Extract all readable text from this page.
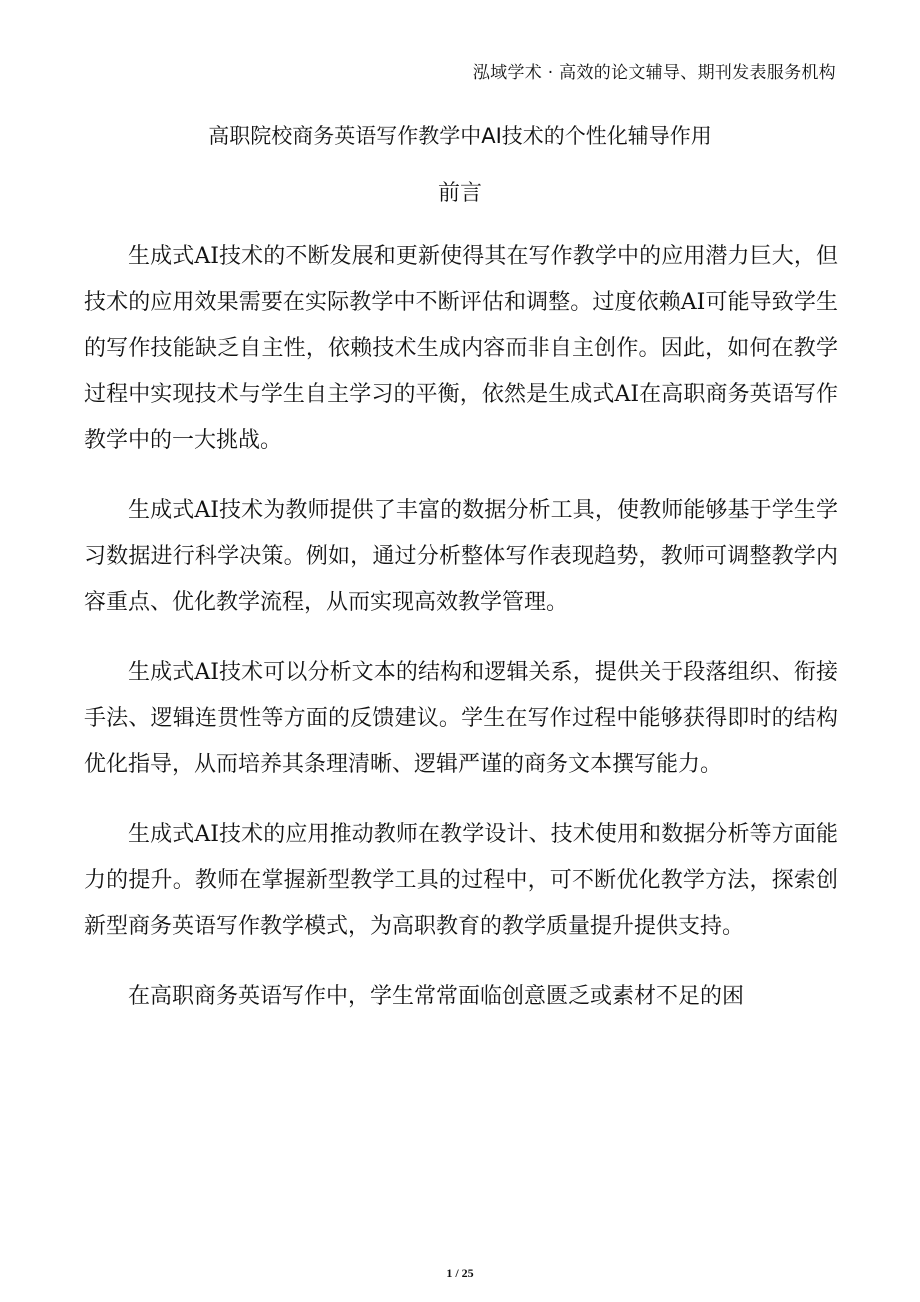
泓域学术 · 高效的论文辅导、期刊发表服务机构
高职院校商务英语写作教学中AI技术的个性化辅导作用
前言

生成式AI技术的不断发展和更新使得其在写作教学中的应用潜力巨大，但技术的应用效果需要在实际教学中不断评估和调整。过度依赖AI可能导致学生的写作技能缺乏自主性，依赖技术生成内容而非自主创作。因此，如何在教学过程中实现技术与学生自主学习的平衡，依然是生成式AI在高职商务英语写作教学中的一大挑战。

生成式AI技术为教师提供了丰富的数据分析工具，使教师能够基于学生学习数据进行科学决策。例如，通过分析整体写作表现趋势，教师可调整教学内容重点、优化教学流程，从而实现高效教学管理。

生成式AI技术可以分析文本的结构和逻辑关系，提供关于段落组织、衔接手法、逻辑连贯性等方面的反馈建议。学生在写作过程中能够获得即时的结构优化指导，从而培养其条理清晰、逻辑严谨的商务文本撰写能力。

生成式AI技术的应用推动教师在教学设计、技术使用和数据分析等方面能力的提升。教师在掌握新型教学工具的过程中，可不断优化教学方法，探索创新型商务英语写作教学模式，为高职教育的教学质量提升提供支持。

在高职商务英语写作中，学生常常面临创意匮乏或素材不足的困

1 / 25
